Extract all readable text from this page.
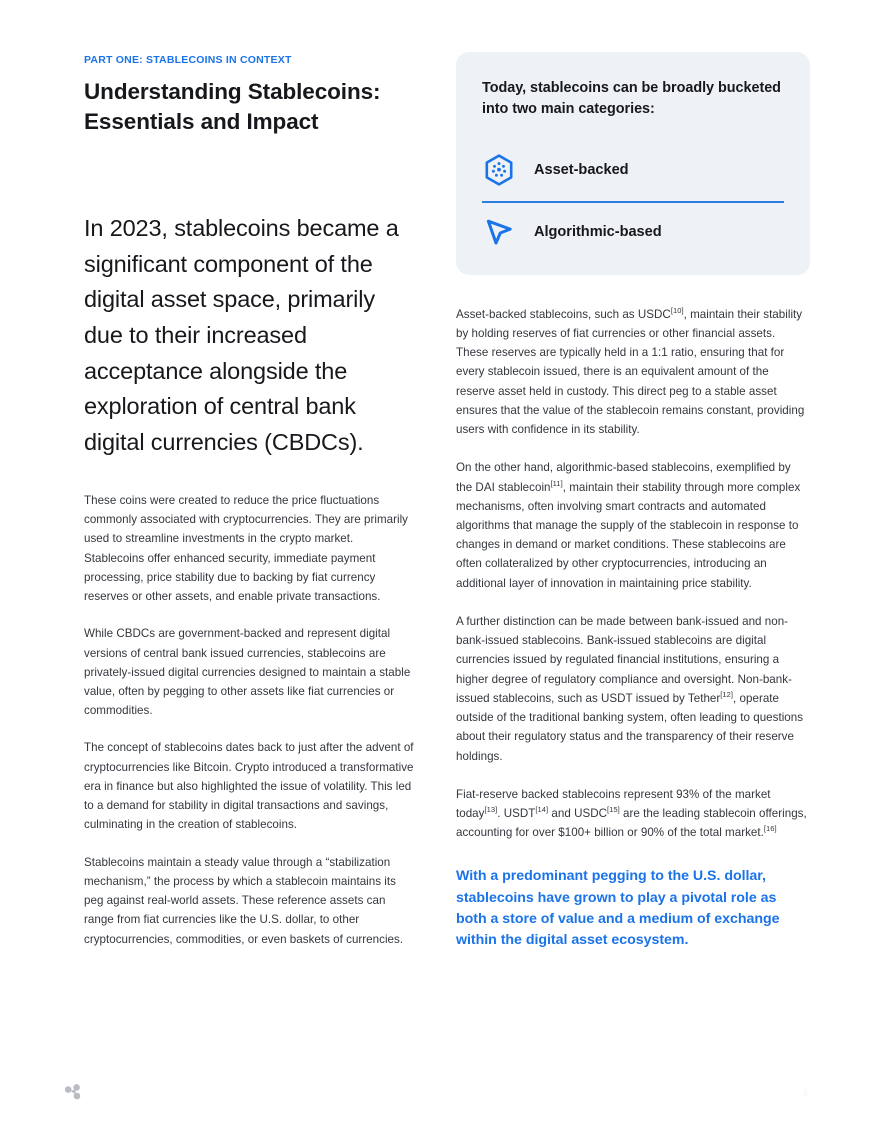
PART ONE: STABLECOINS IN CONTEXT
Understanding Stablecoins: Essentials and Impact

In 2023, stablecoins became a significant component of the digital asset space, primarily due to their increased acceptance alongside the exploration of central bank digital currencies (CBDCs).

These coins were created to reduce the price fluctuations commonly associated with cryptocurrencies. They are primarily used to streamline investments in the crypto market. Stablecoins offer enhanced security, immediate payment processing, price stability due to backing by fiat currency reserves or other assets, and enable private transactions.

While CBDCs are government-backed and represent digital versions of central bank issued currencies, stablecoins are privately-issued digital currencies designed to maintain a stable value, often by pegging to other assets like fiat currencies or commodities.

The concept of stablecoins dates back to just after the advent of cryptocurrencies like Bitcoin. Crypto introduced a transformative era in finance but also highlighted the issue of volatility. This led to a demand for stability in digital transactions and savings, culminating in the creation of stablecoins.

Stablecoins maintain a steady value through a “stabilization mechanism,” the process by which a stablecoin maintains its peg against real-world assets. These reference assets can range from fiat currencies like the U.S. dollar, to other cryptocurrencies, commodities, or even baskets of currencies.

Today, stablecoins can be broadly bucketed into two main categories:
Asset-backed
Algorithmic-based

Asset-backed stablecoins, such as USDC[10], maintain their stability by holding reserves of fiat currencies or other financial assets. These reserves are typically held in a 1:1 ratio, ensuring that for every stablecoin issued, there is an equivalent amount of the reserve asset held in custody. This direct peg to a stable asset ensures that the value of the stablecoin remains constant, providing users with confidence in its stability.

On the other hand, algorithmic-based stablecoins, exemplified by the DAI stablecoin[11], maintain their stability through more complex mechanisms, often involving smart contracts and automated algorithms that manage the supply of the stablecoin in response to changes in demand or market conditions. These stablecoins are often collateralized by other cryptocurrencies, introducing an additional layer of innovation in maintaining price stability.

A further distinction can be made between bank-issued and non-bank-issued stablecoins. Bank-issued stablecoins are digital currencies issued by regulated financial institutions, ensuring a higher degree of regulatory compliance and oversight. Non-bank-issued stablecoins, such as USDT issued by Tether[12], operate outside of the traditional banking system, often leading to questions about their regulatory status and the transparency of their reserve holdings.

Fiat-reserve backed stablecoins represent 93% of the market today[13]. USDT[14] and USDC[15] are the leading stablecoin offerings, accounting for over $100+ billion or 90% of the total market.[16]

With a predominant pegging to the U.S. dollar, stablecoins have grown to play a pivotal role as both a store of value and a medium of exchange within the digital asset ecosystem.

4
